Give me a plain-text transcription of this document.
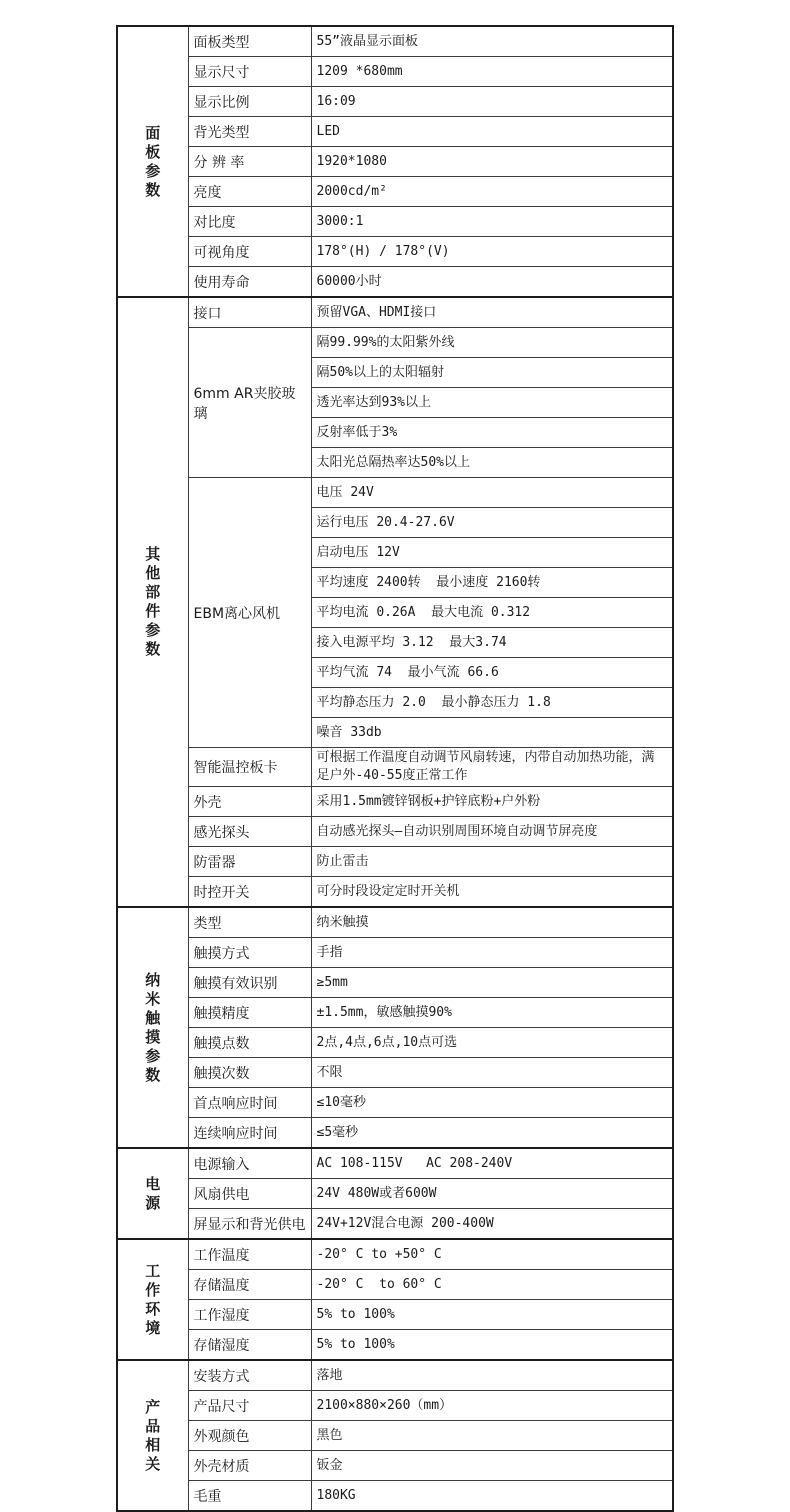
面板参数	面板类型	55”液晶显示面板
	显示尺寸	1209 *680mm
	显示比例	16:09
	背光类型	LED
	分 辨 率	1920*1080
	亮度	2000cd/m²
	对比度	3000:1
	可视角度	178°(H) / 178°(V)
	使用寿命	60000小时
其他部件参数	接口	预留VGA、HDMI接口
	6mm AR夹胶玻璃	隔99.99%的太阳紫外线
		隔50%以上的太阳辐射
		透光率达到93%以上
		反射率低于3%
		太阳光总隔热率达50%以上
	EBM离心风机	电压 24V
		运行电压 20.4-27.6V
		启动电压 12V
		平均速度 2400转  最小速度 2160转
		平均电流 0.26A  最大电流 0.312
		接入电源平均 3.12  最大3.74
		平均气流 74  最小气流 66.6
		平均静态压力 2.0  最小静态压力 1.8
		噪音 33db
	智能温控板卡	可根据工作温度自动调节风扇转速，内带自动加热功能，满足户外-40-55度正常工作
	外壳	采用1.5mm镀锌钢板+护锌底粉+户外粉
	感光探头	自动感光探头—自动识别周围环境自动调节屏亮度
	防雷器	防止雷击
	时控开关	可分时段设定定时开关机
纳米触摸参数	类型	纳米触摸
	触摸方式	手指
	触摸有效识别	≥5mm
	触摸精度	±1.5mm，敏感触摸90%
	触摸点数	2点,4点,6点,10点可选
	触摸次数	不限
	首点响应时间	≤10毫秒
	连续响应时间	≤5毫秒
电源	电源输入	AC 108-115V   AC 208-240V
	风扇供电	24V 480W或者600W
	屏显示和背光供电	24V+12V混合电源 200-400W
工作环境	工作温度	-20° C to +50° C
	存储温度	-20° C  to 60° C
	工作湿度	5% to 100%
	存储湿度	5% to 100%
产品相关	安装方式	落地
	产品尺寸	2100×880×260（mm）
	外观颜色	黑色
	外壳材质	钣金
	毛重	180KG
